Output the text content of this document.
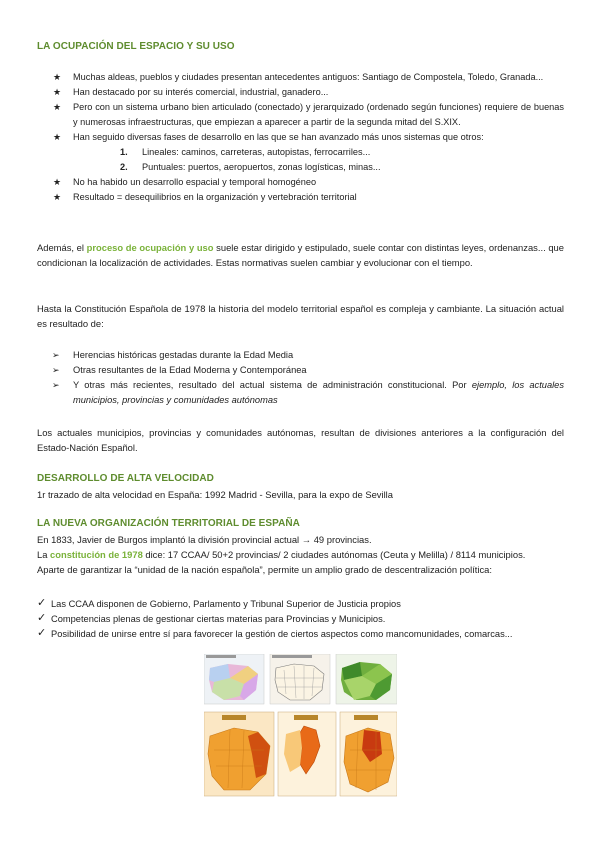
LA OCUPACIÓN DEL ESPACIO Y SU USO
★ Muchas aldeas, pueblos y ciudades presentan antecedentes antiguos: Santiago de Compostela, Toledo, Granada...
★ Han destacado por su interés comercial, industrial, ganadero...
★ Pero con un sistema urbano bien articulado (conectado) y jerarquizado (ordenado según funciones) requiere de buenas y numerosas infraestructuras, que empiezan a aparecer a partir de la segunda mitad del S.XIX.
★ Han seguido diversas fases de desarrollo en las que se han avanzado más unos sistemas que otros:
1. Lineales: caminos, carreteras, autopistas, ferrocarriles...
2. Puntuales: puertos, aeropuertos, zonas logísticas, minas...
★ No ha habido un desarrollo espacial y temporal homogéneo
★ Resultado = desequilibrios en la organización y vertebración territorial
Además, el proceso de ocupación y uso suele estar dirigido y estipulado, suele contar con distintas leyes, ordenanzas... que condicionan la localización de actividades. Estas normativas suelen cambiar y evolucionar con el tiempo.
Hasta la Constitución Española de 1978 la historia del modelo territorial español es compleja y cambiante. La situación actual es resultado de:
➢ Herencias históricas gestadas durante la Edad Media
➢ Otras resultantes de la Edad Moderna y Contemporánea
➢ Y otras más recientes, resultado del actual sistema de administración constitucional. Por ejemplo, los actuales municipios, provincias y comunidades autónomas
Los actuales municipios, provincias y comunidades autónomas, resultan de divisiones anteriores a la configuración del Estado-Nación Español.
DESARROLLO DE ALTA VELOCIDAD
1r trazado de alta velocidad en España: 1992 Madrid - Sevilla, para la expo de Sevilla
LA NUEVA ORGANIZACIÓN TERRITORIAL DE ESPAÑA
En 1833, Javier de Burgos implantó la división provincial actual → 49 provincias.
La constitución de 1978 dice: 17 CCAA/ 50+2 provincias/ 2 ciudades autónomas (Ceuta y Melilla) / 8114 municipios.
Aparte de garantizar la “unidad de la nación española”, permite un amplio grado de descentralización política:
✓ Las CCAA disponen de Gobierno, Parlamento y Tribunal Superior de Justicia propios
✓ Competencias plenas de gestionar ciertas materias para Provincias y Municipios.
✓ Posibilidad de unirse entre sí para favorecer la gestión de ciertos aspectos como mancomunidades, comarcas...
